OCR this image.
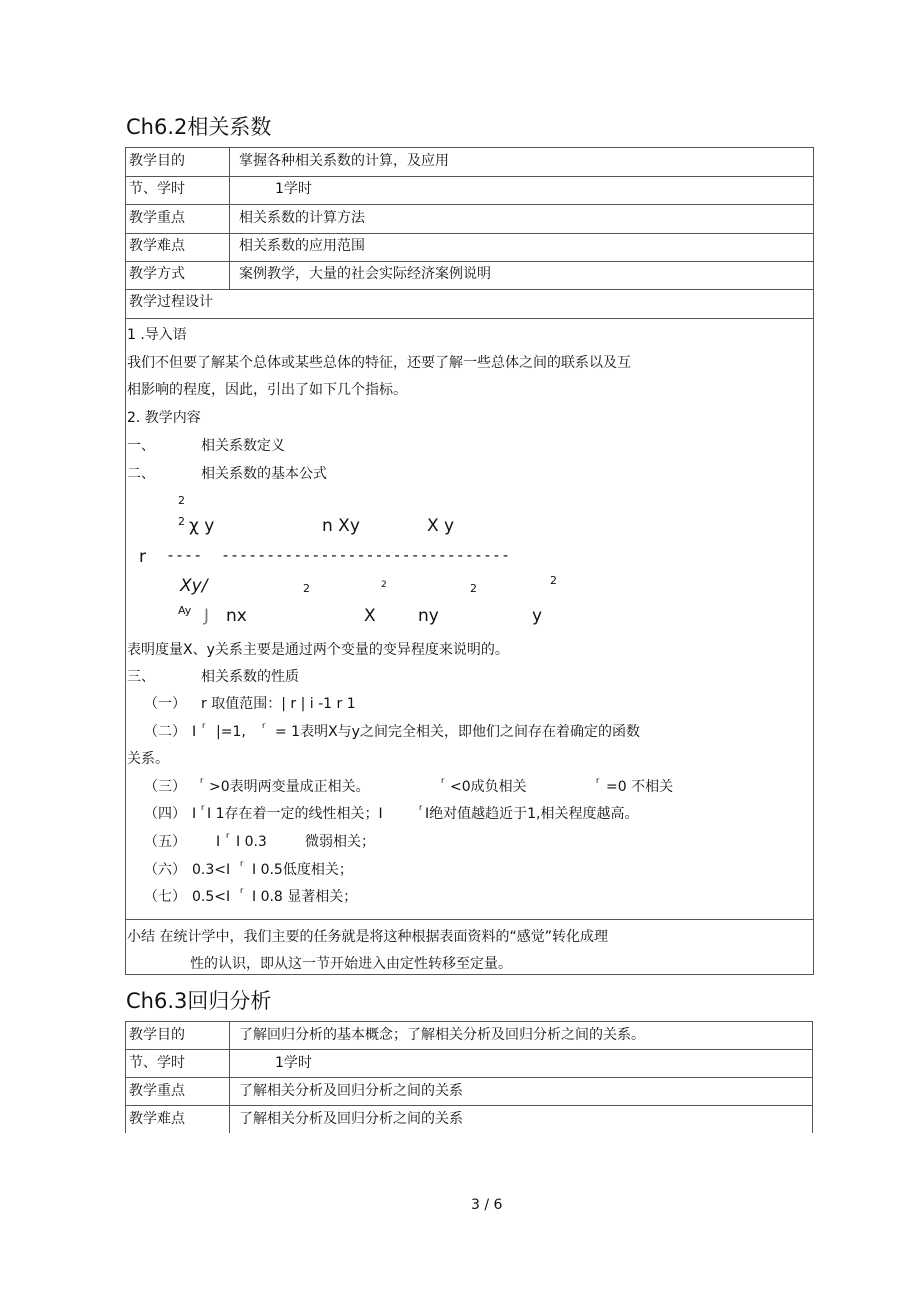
Ch6.2相关系数
教学目的	掌握各种相关系数的计算，及应用
节、学时	1学时
教学重点	相关系数的计算方法
教学难点	相关系数的应用范围
教学方式	案例教学，大量的社会实际经济案例说明
教学过程设计
1 .导入语
我们不但要了解某个总体或某些总体的特征，还要了解一些总体之间的联系以及互
相影响的程度，因此，引出了如下几个指标。
2. 教学内容
一、	相关系数定义
二、	相关系数的基本公式
2
2 χ y	n Xy	X y
r ---- --------------------------------
Xy/	2	2	2
2
Ay J nx	X ny	y
表明度量X、y关系主要是通过两个变量的变异程度来说明的。
三、	相关系数的性质
（一） r 取值范围：| r | i -1 r 1
（二） I r |=1, r = 1表明X与y之间完全相关，即他们之间存在着确定的函数
关系。
（三） r >0表明两变量成正相关。	r <0成负相关	r =0 不相关
（四） I r I 1存在着一定的线性相关；I	r I绝对值越趋近于1,相关程度越高。
（五） I r I 0.3	微弱相关；
（六） 0.3<I r I 0.5低度相关；
（七） 0.5<I r I 0.8 显著相关；
小结 在统计学中，我们主要的任务就是将这种根据表面资料的“感觉”转化成理
性的认识，即从这一节开始进入由定性转移至定量。
Ch6.3回归分析
教学目的	了解回归分析的基本概念；了解相关分析及回归分析之间的关系。
节、学时	1学时
教学重点	了解相关分析及回归分析之间的关系
教学难点	了解相关分析及回归分析之间的关系
3 / 6
